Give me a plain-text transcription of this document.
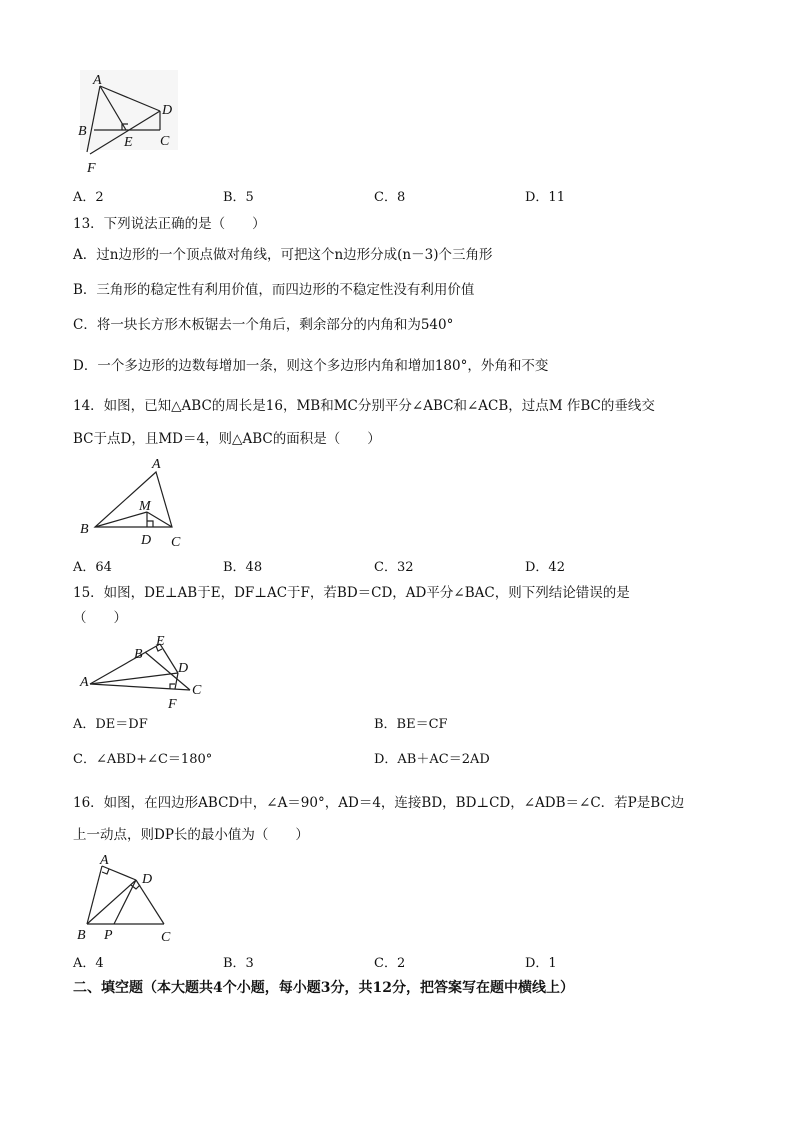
A
B
C
D
E
F
A．2	B．5	C．8	D．11
13．下列说法正确的是（　　）
A．过n边形的一个顶点做对角线，可把这个n边形分成(n－3)个三角形
B．三角形的稳定性有利用价值，而四边形的不稳定性没有利用价值
C．将一块长方形木板锯去一个角后，剩余部分的内角和为540°
D．一个多边形的边数每增加一条，则这个多边形内角和增加180°，外角和不变
14．如图，已知△ABC的周长是16，MB和MC分别平分∠ABC和∠ACB，过点M 作BC的垂线交
BC于点D，且MD＝4，则△ABC的面积是（　　）
A
B
C
D
M
A．64	B．48	C．32	D．42
15．如图，DE⊥AB于E，DF⊥AC于F，若BD＝CD，AD平分∠BAC，则下列结论错误的是
（　　）
A
B
C
D
E
F
A．DE＝DF	B．BE＝CF
C．∠ABD+∠C＝180°	D．AB＋AC＝2AD
16．如图，在四边形ABCD中，∠A＝90°，AD＝4，连接BD，BD⊥CD，∠ADB＝∠C．若P是BC边
上一动点，则DP长的最小值为（　　）
A
B	C
D
P
A．4	B．3	C．2	D．1
二、填空题（本大题共4个小题，每小题3分，共12分，把答案写在题中横线上）
